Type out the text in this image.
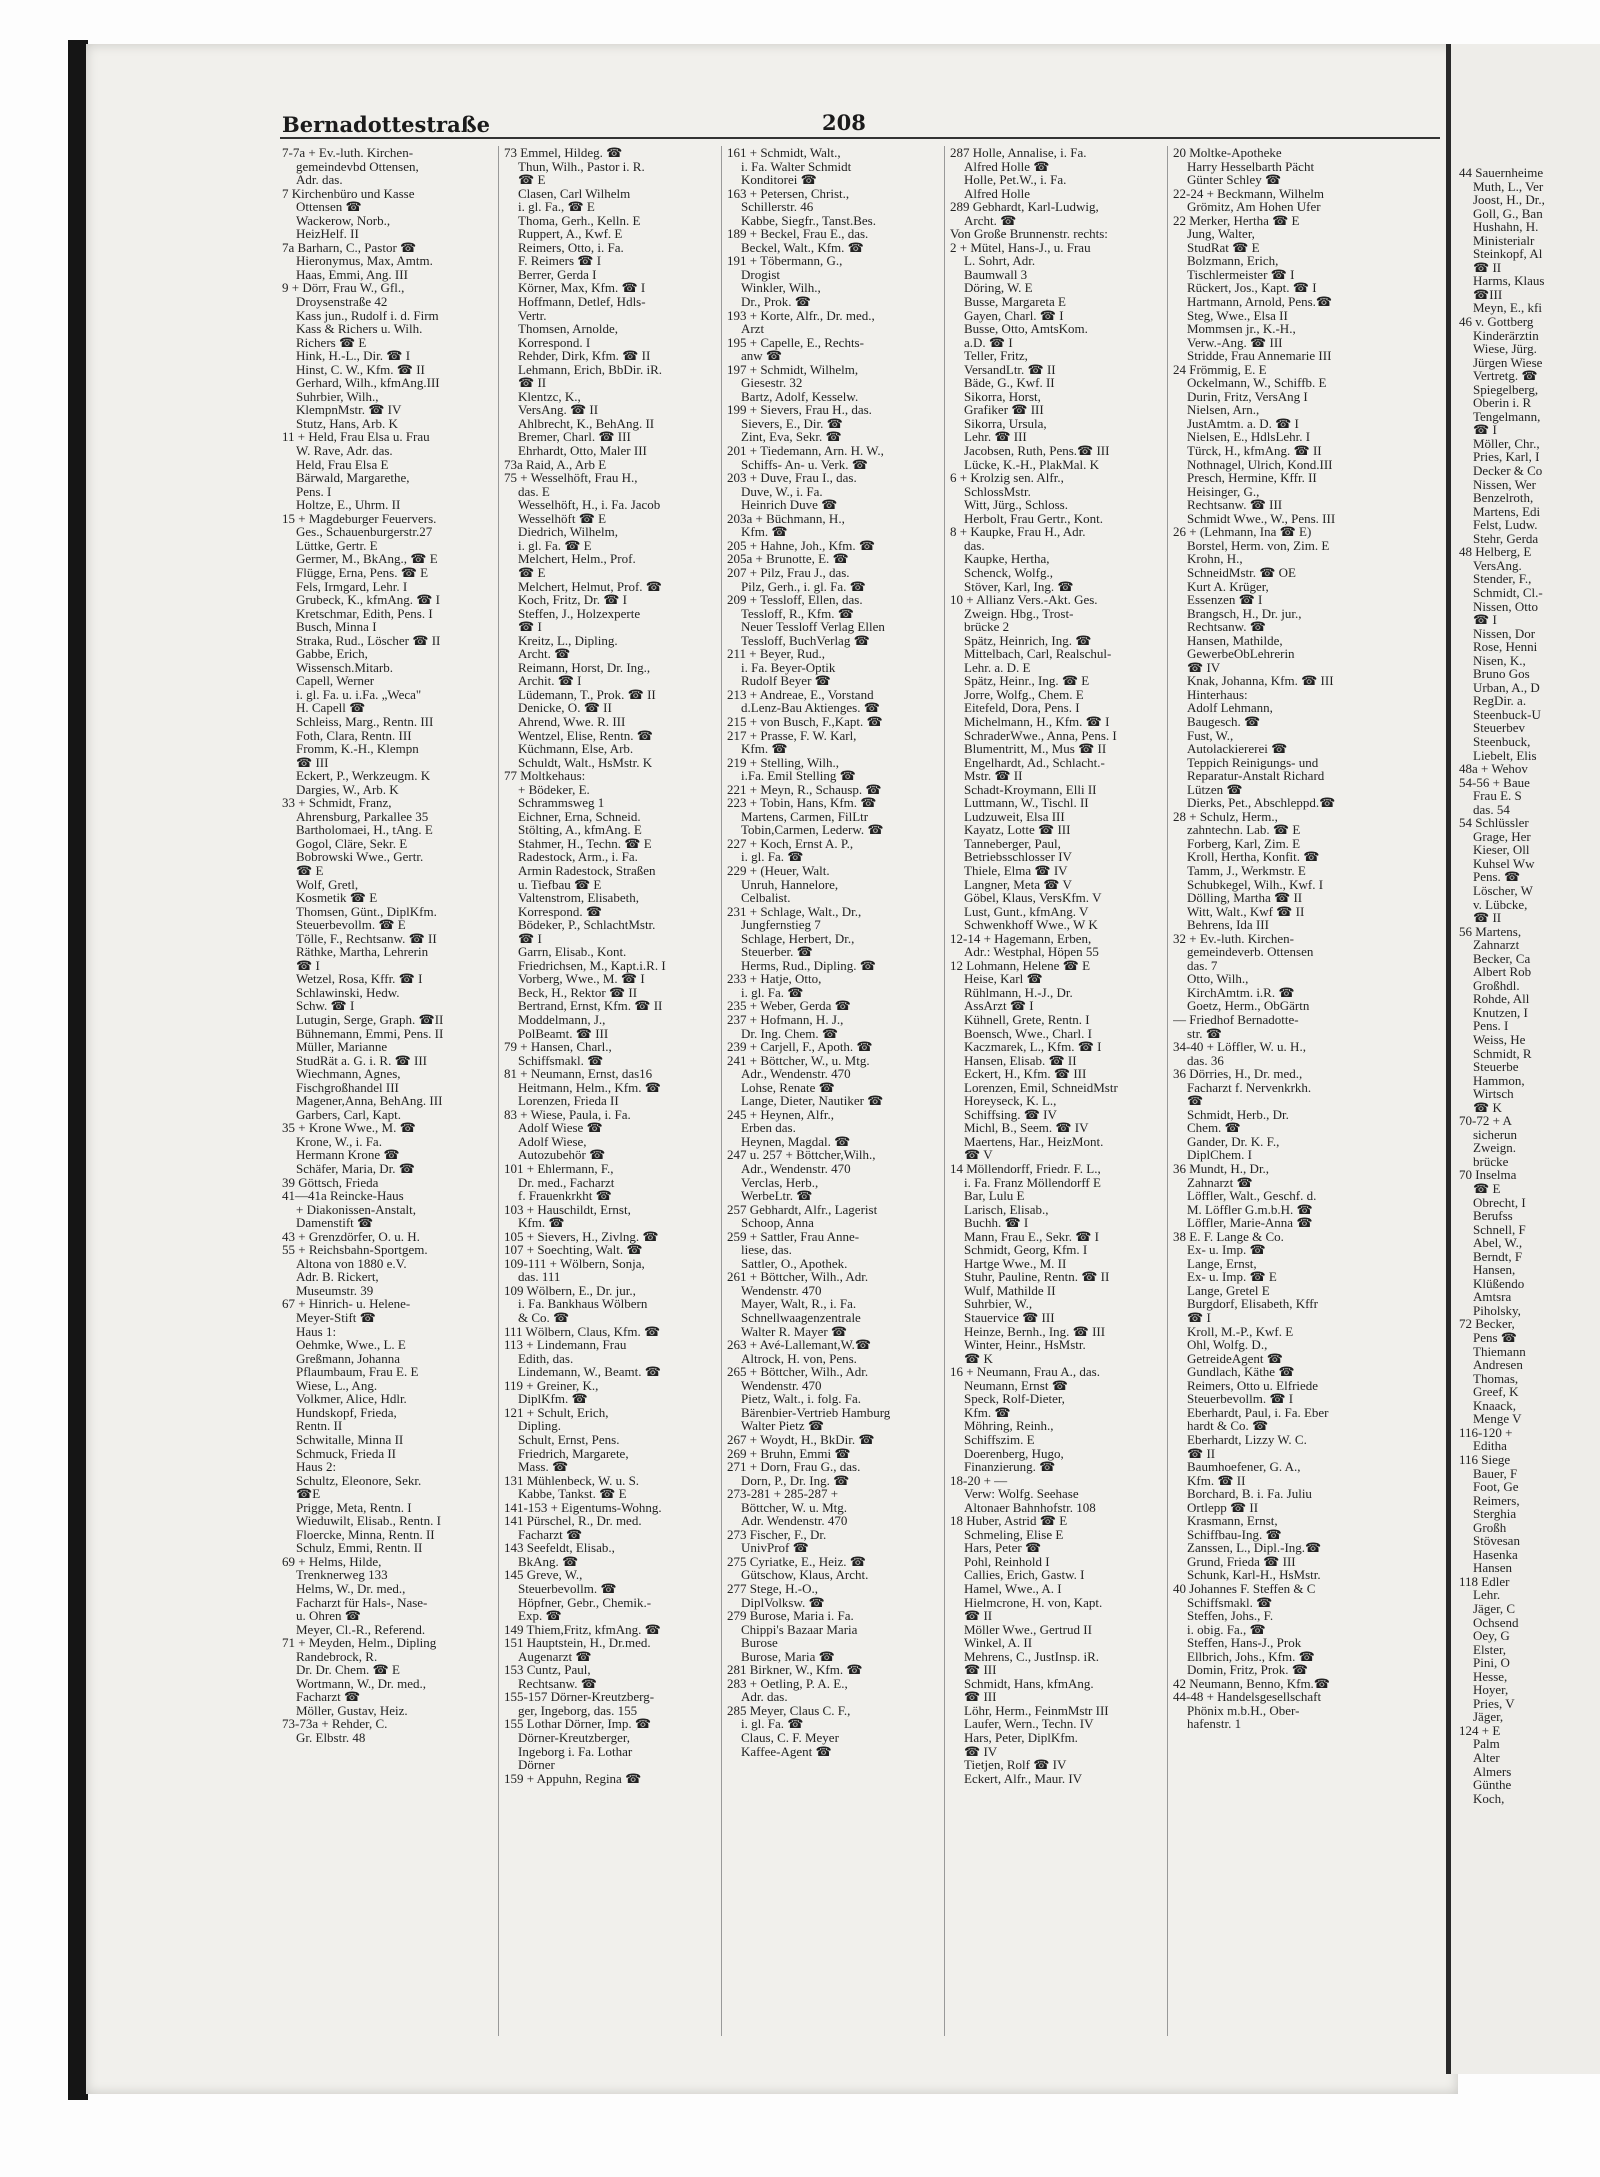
Bernadottestraße	208
7-7a + Ev.-luth. Kirchen-
gemeindevbd Ottensen,
Adr. das.
7 Kirchenbüro und Kasse
Ottensen ☎
Wackerow, Norb.,
HeizHelf. II
7a Barharn, C., Pastor ☎
Hieronymus, Max, Amtm.
Haas, Emmi, Ang. III
9 + Dörr, Frau W., Gfl.,
Droysenstraße 42
Kass jun., Rudolf i. d. Firm
Kass & Richers u. Wilh.
Richers ☎ E
Hink, H.-L., Dir. ☎ I
Hinst, C. W., Kfm. ☎ II
Gerhard, Wilh., kfmAng.III
Suhrbier, Wilh.,
KlempnMstr. ☎ IV
Stutz, Hans, Arb. K
11 + Held, Frau Elsa u. Frau
W. Rave, Adr. das.
Held, Frau Elsa E
Bärwald, Margarethe,
Pens. I
Holtze, E., Uhrm. II
15 + Magdeburger Feuervers.
Ges., Schauenburgerstr.27
Lüttke, Gertr. E
Germer, M., BkAng., ☎ E
Flügge, Erna, Pens. ☎ E
Fels, Irmgard, Lehr. I
Grubeck, K., kfmAng. ☎ I
Kretschmar, Edith, Pens. I
Busch, Minna I
Straka, Rud., Löscher ☎ II
Gabbe, Erich,
Wissensch.Mitarb.
Capell, Werner
i. gl. Fa. u. i.Fa. „Weca"
H. Capell ☎
Schleiss, Marg., Rentn. III
Foth, Clara, Rentn. III
Fromm, K.-H., Klempn
☎ III
Eckert, P., Werkzeugm. K
Dargies, W., Arb. K
33 + Schmidt, Franz,
Ahrensburg, Parkallee 35
Bartholomaei, H., tAng. E
Gogol, Cläre, Sekr. E
Bobrowski Wwe., Gertr.
☎ E
Wolf, Gretl,
Kosmetik ☎ E
Thomsen, Günt., DiplKfm.
Steuerbevollm. ☎ E
Tölle, F., Rechtsanw. ☎ II
Räthke, Martha, Lehrerin
☎ I
Wetzel, Rosa, Kffr. ☎ I
Schlawinski, Hedw.
Schw. ☎ I
Lutugin, Serge, Graph. ☎II
Bühnemann, Emmi, Pens. II
Müller, Marianne
StudRät a. G. i. R. ☎ III
Wiechmann, Agnes,
Fischgroßhandel III
Magener,Anna, BehAng. III
Garbers, Carl, Kapt.
35 + Krone Wwe., M. ☎
Krone, W., i. Fa.
Hermann Krone ☎
Schäfer, Maria, Dr. ☎
39 Göttsch, Frieda
41—41a Reincke-Haus
+ Diakonissen-Anstalt,
Damenstift ☎
43 + Grenzdörfer, O. u. H.
55 + Reichsbahn-Sportgem.
Altona von 1880 e.V.
Adr. B. Rickert,
Museumstr. 39
67 + Hinrich- u. Helene-
Meyer-Stift ☎
Haus 1:
Oehmke, Wwe., L. E
Greßmann, Johanna
Pflaumbaum, Frau E. E
Wiese, L., Ang.
Volkmer, Alice, Hdlr.
Hundskopf, Frieda,
Rentn. II
Schwitalle, Minna II
Schmuck, Frieda II
Haus 2:
Schultz, Eleonore, Sekr.
☎E
Prigge, Meta, Rentn. I
Wieduwilt, Elisab., Rentn. I
Floercke, Minna, Rentn. II
Schulz, Emmi, Rentn. II
69 + Helms, Hilde,
Trenknerweg 133
Helms, W., Dr. med.,
Facharzt für Hals-, Nase-
u. Ohren ☎
Meyer, Cl.-R., Referend.
71 + Meyden, Helm., Dipling
Randebrock, R.
Dr. Dr. Chem. ☎ E
Wortmann, W., Dr. med.,
Facharzt ☎
Möller, Gustav, Heiz.
73-73a + Rehder, C.
Gr. Elbstr. 48
73 Emmel, Hildeg. ☎
Thun, Wilh., Pastor i. R.
☎ E
Clasen, Carl Wilhelm
i. gl. Fa., ☎ E
Thoma, Gerh., Kelln. E
Ruppert, A., Kwf. E
Reimers, Otto, i. Fa.
F. Reimers ☎ I
Berrer, Gerda I
Körner, Max, Kfm. ☎ I
Hoffmann, Detlef, Hdls-
Vertr.
Thomsen, Arnolde,
Korrespond. I
Rehder, Dirk, Kfm. ☎ II
Lehmann, Erich, BbDir. iR.
☎ II
Klentzc, K.,
VersAng. ☎ II
Ahlbrecht, K., BehAng. II
Bremer, Charl. ☎ III
Ehrhardt, Otto, Maler III
73a Raid, A., Arb E
75 + Wesselhöft, Frau H.,
das. E
Wesselhöft, H., i. Fa. Jacob
Wesselhöft ☎ E
Diedrich, Wilhelm,
i. gl. Fa. ☎ E
Melchert, Helm., Prof.
☎ E
Melchert, Helmut, Prof. ☎
Koch, Fritz, Dr. ☎ I
Steffen, J., Holzexperte
☎ I
Kreitz, L., Dipling.
Archt. ☎
Reimann, Horst, Dr. Ing.,
Archit. ☎ I
Lüdemann, T., Prok. ☎ II
Denicke, O. ☎ II
Ahrend, Wwe. R. III
Wentzel, Elise, Rentn. ☎
Küchmann, Else, Arb.
Schuldt, Walt., HsMstr. K
77 Moltkehaus:
+ Bödeker, E.
Schrammsweg 1
Eichner, Erna, Schneid.
Stölting, A., kfmAng. E
Stahmer, H., Techn. ☎ E
Radestock, Arm., i. Fa.
Armin Radestock, Straßen
u. Tiefbau ☎ E
Valtenstrom, Elisabeth,
Korrespond. ☎
Bödeker, P., SchlachtMstr.
☎ I
Garrn, Elisab., Kont.
Friedrichsen, M., Kapt.i.R. I
Vorberg, Wwe., M. ☎ I
Beck, H., Rektor ☎ II
Bertrand, Ernst, Kfm. ☎ II
Moddelmann, J.,
PolBeamt. ☎ III
79 + Hansen, Charl.,
Schiffsmakl. ☎
81 + Neumann, Ernst, das16
Heitmann, Helm., Kfm. ☎
Lorenzen, Frieda II
83 + Wiese, Paula, i. Fa.
Adolf Wiese ☎
Adolf Wiese,
Autozubehör ☎
101 + Ehlermann, F.,
Dr. med., Facharzt
f. Frauenkrkht ☎
103 + Hauschildt, Ernst,
Kfm. ☎
105 + Sievers, H., Zivlng. ☎
107 + Soechting, Walt. ☎
109-111 + Wölbern, Sonja,
das. 111
109 Wölbern, E., Dr. jur.,
i. Fa. Bankhaus Wölbern
& Co. ☎
111 Wölbern, Claus, Kfm. ☎
113 + Lindemann, Frau
Edith, das.
Lindemann, W., Beamt. ☎
119 + Greiner, K.,
DiplKfm. ☎
121 + Schult, Erich,
Dipling.
Schult, Ernst, Pens.
Friedrich, Margarete,
Mass. ☎
131 Mühlenbeck, W. u. S.
Kabbe, Tankst. ☎ E
141-153 + Eigentums-Wohng.
141 Pürschel, R., Dr. med.
Facharzt ☎
143 Seefeldt, Elisab.,
BkAng. ☎
145 Greve, W.,
Steuerbevollm. ☎
Höpfner, Gebr., Chemik.-
Exp. ☎
149 Thiem,Fritz, kfmAng. ☎
151 Hauptstein, H., Dr.med.
Augenarzt ☎
153 Cuntz, Paul,
Rechtsanw. ☎
155-157 Dörner-Kreutzberg-
ger, Ingeborg, das. 155
155 Lothar Dörner, Imp. ☎
Dörner-Kreutzberger,
Ingeborg i. Fa. Lothar
Dörner
159 + Appuhn, Regina ☎
161 + Schmidt, Walt.,
i. Fa. Walter Schmidt
Konditorei ☎
163 + Petersen, Christ.,
Schillerstr. 46
Kabbe, Siegfr., Tanst.Bes.
189 + Beckel, Frau E., das.
Beckel, Walt., Kfm. ☎
191 + Töbermann, G.,
Drogist
Winkler, Wilh.,
Dr., Prok. ☎
193 + Korte, Alfr., Dr. med.,
Arzt
195 + Capelle, E., Rechts-
anw ☎
197 + Schmidt, Wilhelm,
Giesestr. 32
Bartz, Adolf, Kesselw.
199 + Sievers, Frau H., das.
Sievers, E., Dir. ☎
Zint, Eva, Sekr. ☎
201 + Tiedemann, Arn. H. W.,
Schiffs- An- u. Verk. ☎
203 + Duve, Frau I., das.
Duve, W., i. Fa.
Heinrich Duve ☎
203a + Büchmann, H.,
Kfm. ☎
205 + Hahne, Joh., Kfm. ☎
205a + Brunotte, E. ☎
207 + Pilz, Frau J., das.
Pilz, Gerh., i. gl. Fa. ☎
209 + Tessloff, Ellen, das.
Tessloff, R., Kfm. ☎
Neuer Tessloff Verlag Ellen
Tessloff, BuchVerlag ☎
211 + Beyer, Rud.,
i. Fa. Beyer-Optik
Rudolf Beyer ☎
213 + Andreae, E., Vorstand
d.Lenz-Bau Aktienges. ☎
215 + von Busch, F.,Kapt. ☎
217 + Prasse, F. W. Karl,
Kfm. ☎
219 + Stelling, Wilh.,
i.Fa. Emil Stelling ☎
221 + Meyn, R., Schausp. ☎
223 + Tobin, Hans, Kfm. ☎
Martens, Carmen, FilLtr
Tobin,Carmen, Lederw. ☎
227 + Koch, Ernst A. P.,
i. gl. Fa. ☎
229 + (Heuer, Walt.
Unruh, Hannelore,
Celbalist.
231 + Schlage, Walt., Dr.,
Jungfernstieg 7
Schlage, Herbert, Dr.,
Steuerber. ☎
Herms, Rud., Dipling. ☎
233 + Hatje, Otto,
i. gl. Fa. ☎
235 + Weber, Gerda ☎
237 + Hofmann, H. J.,
Dr. Ing. Chem. ☎
239 + Carjell, F., Apoth. ☎
241 + Böttcher, W., u. Mtg.
Adr., Wendenstr. 470
Lohse, Renate ☎
Lange, Dieter, Nautiker ☎
245 + Heynen, Alfr.,
Erben das.
Heynen, Magdal. ☎
247 u. 257 + Böttcher,Wilh.,
Adr., Wendenstr. 470
Verclas, Herb.,
WerbeLtr. ☎
257 Gebhardt, Alfr., Lagerist
Schoop, Anna
259 + Sattler, Frau Anne-
liese, das.
Sattler, O., Apothek.
261 + Böttcher, Wilh., Adr.
Wendenstr. 470
Mayer, Walt, R., i. Fa.
Schnellwaagenzentrale
Walter R. Mayer ☎
263 + Avé-Lallemant,W.☎
Altrock, H. von, Pens.
265 + Böttcher, Wilh., Adr.
Wendenstr. 470
Pietz, Walt., i. folg. Fa.
Bärenbier-Vertrieb Hamburg
Walter Pietz ☎
267 + Woydt, H., BkDir. ☎
269 + Bruhn, Emmi ☎
271 + Dorn, Frau G., das.
Dorn, P., Dr. Ing. ☎
273-281 + 285-287 +
Böttcher, W. u. Mtg.
Adr. Wendenstr. 470
273 Fischer, F., Dr.
UnivProf ☎
275 Cyriatke, E., Heiz. ☎
Gütschow, Klaus, Archt.
277 Stege, H.-O.,
DiplVolksw. ☎
279 Burose, Maria i. Fa.
Chippi's Bazaar Maria
Burose
Burose, Maria ☎
281 Birkner, W., Kfm. ☎
283 + Oetling, P. A. E.,
Adr. das.
285 Meyer, Claus C. F.,
i. gl. Fa. ☎
Claus, C. F. Meyer
Kaffee-Agent ☎
287 Holle, Annalise, i. Fa.
Alfred Holle ☎
Holle, Pet.W., i. Fa.
Alfred Holle
289 Gebhardt, Karl-Ludwig,
Archt. ☎
Von Große Brunnenstr. rechts:
2 + Mütel, Hans-J., u. Frau
L. Sohrt, Adr.
Baumwall 3
Döring, W. E
Busse, Margareta E
Gayen, Charl. ☎ I
Busse, Otto, AmtsKom.
a.D. ☎ I
Teller, Fritz,
VersandLtr. ☎ II
Bäde, G., Kwf. II
Sikorra, Horst,
Grafiker ☎ III
Sikorra, Ursula,
Lehr. ☎ III
Jacobsen, Ruth, Pens.☎ III
Lücke, K.-H., PlakMal. K
6 + Krolzig sen. Alfr.,
SchlossMstr.
Witt, Jürg., Schloss.
Herbolt, Frau Gertr., Kont.
8 + Kaupke, Frau H., Adr.
das.
Kaupke, Hertha,
Schenck, Wolfg.,
Stöver, Karl, Ing. ☎
10 + Allianz Vers.-Akt. Ges.
Zweign. Hbg., Trost-
brücke 2
Spätz, Heinrich, Ing. ☎
Mittelbach, Carl, Realschul-
Lehr. a. D. E
Spätz, Heinr., Ing. ☎ E
Jorre, Wolfg., Chem. E
Eitefeld, Dora, Pens. I
Michelmann, H., Kfm. ☎ I
SchraderWwe., Anna, Pens. I
Blumentritt, M., Mus ☎ II
Engelhardt, Ad., Schlacht.-
Mstr. ☎ II
Schadt-Kroymann, Elli II
Luttmann, W., Tischl. II
Ludzuweit, Elsa III
Kayatz, Lotte ☎ III
Tanneberger, Paul,
Betriebsschlosser IV
Thiele, Elma ☎ IV
Langner, Meta ☎ V
Göbel, Klaus, VersKfm. V
Lust, Gunt., kfmAng. V
Schwenkhoff Wwe., W K
12-14 + Hagemann, Erben,
Adr.: Westphal, Höpen 55
12 Lohmann, Helene ☎ E
Heise, Karl ☎
Rühlmann, H.-J., Dr.
AssArzt ☎ I
Kühnell, Grete, Rentn. I
Boensch, Wwe., Charl. I
Kaczmarek, L., Kfm. ☎ I
Hansen, Elisab. ☎ II
Eckert, H., Kfm. ☎ III
Lorenzen, Emil, SchneidMstr
Horeyseck, K. L.,
Schiffsing. ☎ IV
Michl, B., Seem. ☎ IV
Maertens, Har., HeizMont.
☎ V
14 Möllendorff, Friedr. F. L.,
i. Fa. Franz Möllendorff E
Bar, Lulu E
Larisch, Elisab.,
Buchh. ☎ I
Mann, Frau E., Sekr. ☎ I
Schmidt, Georg, Kfm. I
Hartge Wwe., M. II
Stuhr, Pauline, Rentn. ☎ II
Wulf, Mathilde II
Suhrbier, W.,
Stauervice ☎ III
Heinze, Bernh., Ing. ☎ III
Winter, Heinr., HsMstr.
☎ K
16 + Neumann, Frau A., das.
Neumann, Ernst ☎
Speck, Rolf-Dieter,
Kfm. ☎
Möhring, Reinh.,
Schiffszim. E
Doerenberg, Hugo,
Finanzierung. ☎
18-20 + —
Verw: Wolfg. Seehase
Altonaer Bahnhofstr. 108
18 Huber, Astrid ☎ E
Schmeling, Elise E
Hars, Peter ☎
Pohl, Reinhold I
Callies, Erich, Gastw. I
Hamel, Wwe., A. I
Hielmcrone, H. von, Kapt.
☎ II
Möller Wwe., Gertrud II
Winkel, A. II
Mehrens, C., JustInsp. iR.
☎ III
Schmidt, Hans, kfmAng.
☎ III
Löhr, Herm., FeinmMstr III
Laufer, Wern., Techn. IV
Hars, Peter, DiplKfm.
☎ IV
Tietjen, Rolf ☎ IV
Eckert, Alfr., Maur. IV
20 Moltke-Apotheke
Harry Hesselbarth Pächt
Günter Schley ☎
22-24 + Beckmann, Wilhelm
Grömitz, Am Hohen Ufer
22 Merker, Hertha ☎ E
Jung, Walter,
StudRat ☎ E
Bolzmann, Erich,
Tischlermeister ☎ I
Rückert, Jos., Kapt. ☎ I
Hartmann, Arnold, Pens.☎
Steg, Wwe., Elsa II
Mommsen jr., K.-H.,
Verw.-Ang. ☎ III
Stridde, Frau Annemarie III
24 Frömmig, E. E
Ockelmann, W., Schiffb. E
Durin, Fritz, VersAng I
Nielsen, Arn.,
JustAmtm. a. D. ☎ I
Nielsen, E., HdlsLehr. I
Türck, H., kfmAng. ☎ II
Nothnagel, Ulrich, Kond.III
Presch, Hermine, Kffr. II
Heisinger, G.,
Rechtsanw. ☎ III
Schmidt Wwe., W., Pens. III
26 + (Lehmann, Ina ☎ E)
Borstel, Herm. von, Zim. E
Krohn, H.,
SchneidMstr. ☎ OE
Kurt A. Krüger,
Essenzen ☎ I
Brangsch, H., Dr. jur.,
Rechtsanw. ☎
Hansen, Mathilde,
GewerbeObLehrerin
☎ IV
Knak, Johanna, Kfm. ☎ III
Hinterhaus:
Adolf Lehmann,
Baugesch. ☎
Fust, W.,
Autolackiererei ☎
Teppich Reinigungs- und
Reparatur-Anstalt Richard
Lützen ☎
Dierks, Pet., Abschleppd.☎
28 + Schulz, Herm.,
zahntechn. Lab. ☎ E
Forberg, Karl, Zim. E
Kroll, Hertha, Konfit. ☎
Tamm, J., Werkmstr. E
Schubkegel, Wilh., Kwf. I
Dölling, Martha ☎ II
Witt, Walt., Kwf ☎ II
Behrens, Ida III
32 + Ev.-luth. Kirchen-
gemeindeverb. Ottensen
das. 7
Otto, Wilh.,
KirchAmtm. i.R. ☎
Goetz, Herm., ObGärtn
— Friedhof Bernadotte-
str. ☎
34-40 + Löffler, W. u. H.,
das. 36
36 Dörries, H., Dr. med.,
Facharzt f. Nervenkrkh.
☎
Schmidt, Herb., Dr.
Chem. ☎
Gander, Dr. K. F.,
DiplChem. I
36 Mundt, H., Dr.,
Zahnarzt ☎
Löffler, Walt., Geschf. d.
M. Löffler G.m.b.H. ☎
Löffler, Marie-Anna ☎
38 E. F. Lange & Co.
Ex- u. Imp. ☎
Lange, Ernst,
Ex- u. Imp. ☎ E
Lange, Gretel E
Burgdorf, Elisabeth, Kffr
☎ I
Kroll, M.-P., Kwf. E
Ohl, Wolfg. D.,
GetreideAgent ☎
Gundlach, Käthe ☎
Reimers, Otto u. Elfriede
Steuerbevollm. ☎ I
Eberhardt, Paul, i. Fa. Eber
hardt & Co. ☎
Eberhardt, Lizzy W. C.
☎ II
Baumhoefener, G. A.,
Kfm. ☎ II
Borchard, B. i. Fa. Juliu
Ortlepp ☎ II
Krasmann, Ernst,
Schiffbau-Ing. ☎
Zanssen, L., Dipl.-Ing.☎
Grund, Frieda ☎ III
Schunk, Karl-H., HsMstr.
40 Johannes F. Steffen & C
Schiffsmakl. ☎
Steffen, Johs., F.
i. obig. Fa., ☎
Steffen, Hans-J., Prok
Ellbrich, Johs., Kfm. ☎
Domin, Fritz, Prok. ☎
42 Neumann, Benno, Kfm.☎
44-48 + Handelsgesellschaft
Phönix m.b.H., Ober-
hafenstr. 1
44 Sauernheime
Muth, L., Ver
Joost, H., Dr.,
Goll, G., Ban
Hushahn, H.
Ministerialr
Steinkopf, Al
☎ II
Harms, Klaus
☎III
Meyn, E., kfi
46 v. Gottberg
Kinderärztin
Wiese, Jürg.
Jürgen Wiese
Vertretg. ☎
Spiegelberg,
Oberin i. R
Tengelmann,
☎ I
Möller, Chr.,
Pries, Karl, I
Decker & Co
Nissen, Wer
Benzelroth,
Martens, Edi
Felst, Ludw.
Stehr, Gerda
48 Helberg, E
VersAng.
Stender, F.,
Schmidt, Cl.-
Nissen, Otto
☎ I
Nissen, Dor
Rose, Henni
Nisen, K.,
Bruno Gos
Urban, A., D
RegDir. a.
Steenbuck-U
Steuerbev
Steenbuck,
Liebelt, Elis
48a + Wehov
54-56 + Baue
Frau E. S
das. 54
54 Schlüssler
Grage, Her
Kieser, Oll
Kuhsel Ww
Pens. ☎
Löscher, W
v. Lübcke,
☎ II
56 Martens,
Zahnarzt
Becker, Ca
Albert Rob
Großhdl.
Rohde, All
Knutzen, I
Pens. I
Weiss, He
Schmidt, R
Steuerbe
Hammon,
Wirtsch
☎ K
70-72 + A
sicherun
Zweign.
brücke
70 Inselma
☎ E
Obrecht, I
Berufss
Schnell, F
Abel, W.,
Berndt, F
Hansen,
Klüßendo
Amtsra
Piholsky,
72 Becker,
Pens ☎
Thiemann
Andresen
Thomas,
Greef, K
Knaack,
Menge V
116-120 +
Editha
116 Siege
Bauer, F
Foot, Ge
Reimers,
Sterghia
Großh
Stövesan
Hasenka
Hansen
118 Edler
Lehr.
Jäger, C
Ochsend
Oey, G
Elster,
Pini, O
Hesse,
Hoyer,
Pries, V
Jäger,
124 + E
Palm
Alter
Almers
Günthe
Koch,
